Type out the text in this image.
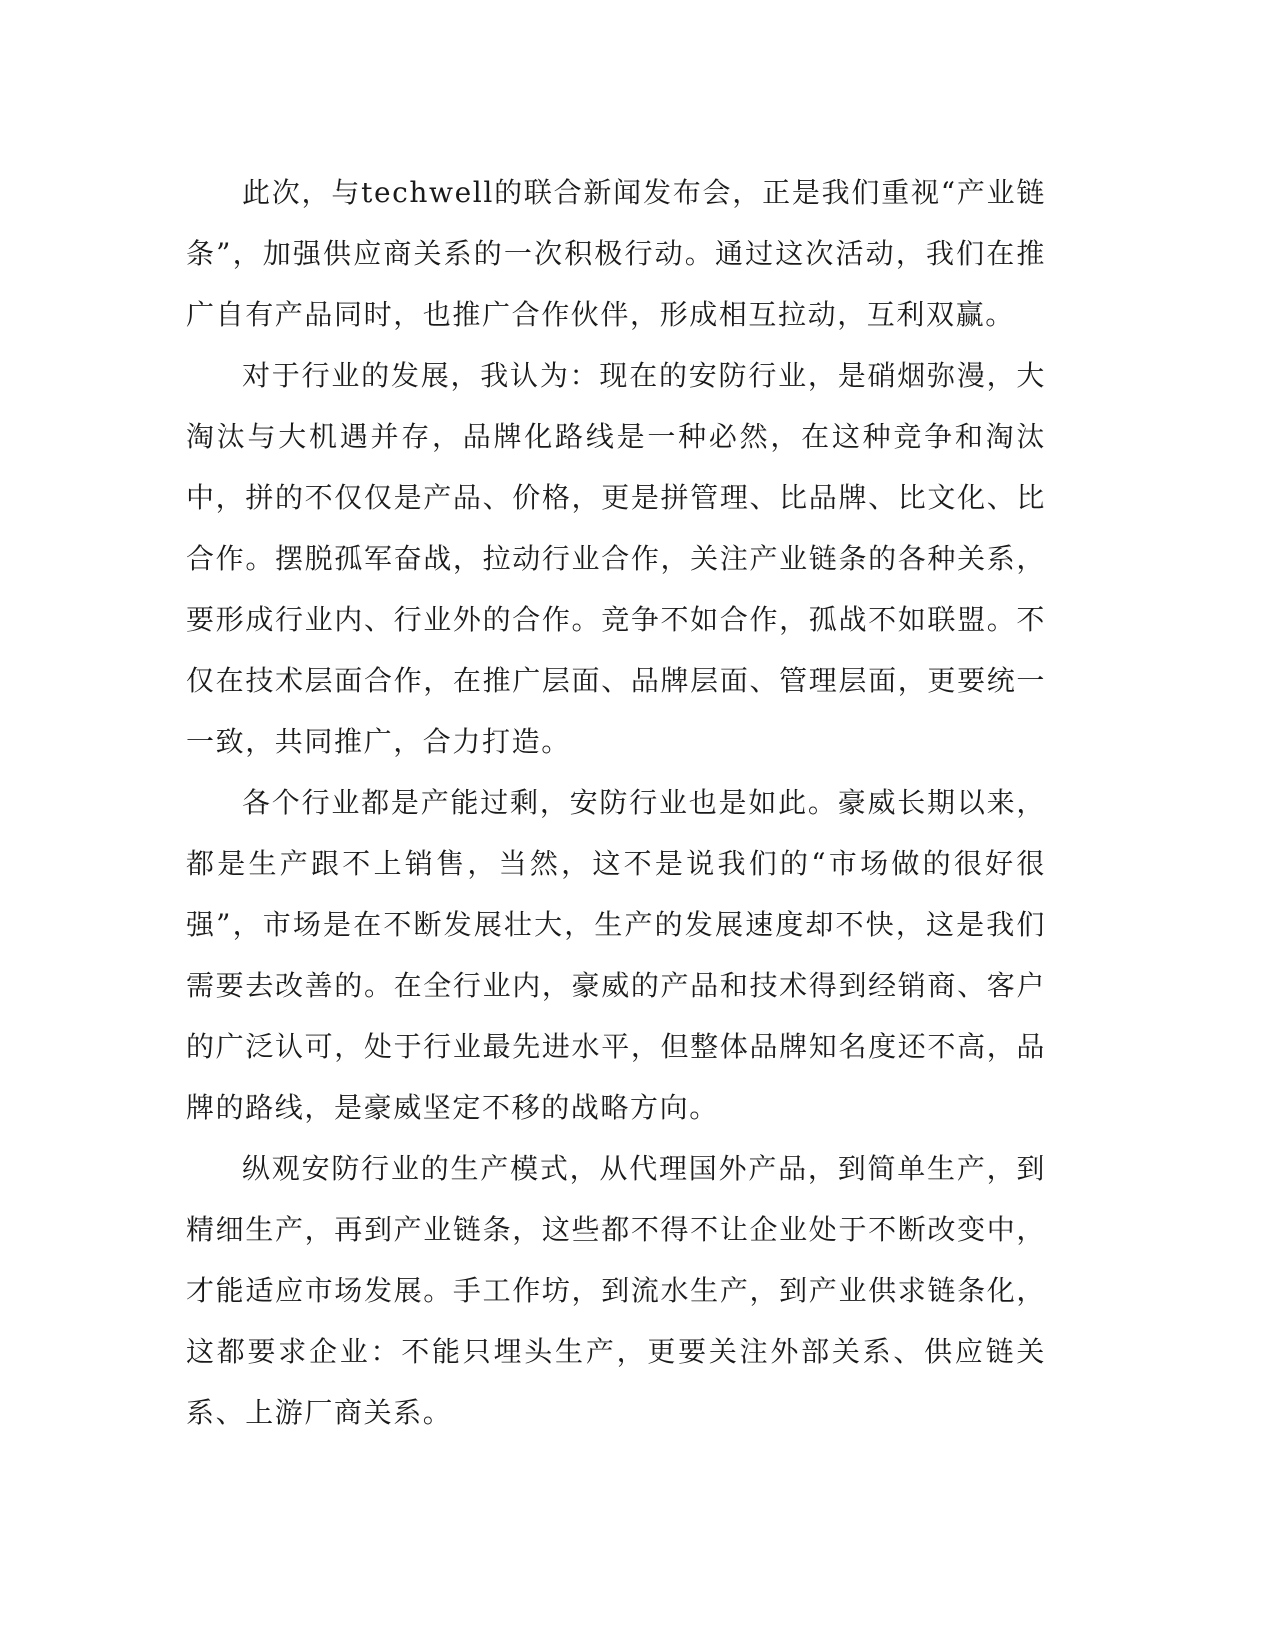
此次，与techwell的联合新闻发布会，正是我们重视“产业链条”，加强供应商关系的一次积极行动。通过这次活动，我们在推广自有产品同时，也推广合作伙伴，形成相互拉动，互利双赢。

对于行业的发展，我认为：现在的安防行业，是硝烟弥漫，大淘汰与大机遇并存，品牌化路线是一种必然，在这种竞争和淘汰中，拼的不仅仅是产品、价格，更是拼管理、比品牌、比文化、比合作。摆脱孤军奋战，拉动行业合作，关注产业链条的各种关系，要形成行业内、行业外的合作。竞争不如合作，孤战不如联盟。不仅在技术层面合作，在推广层面、品牌层面、管理层面，更要统一一致，共同推广，合力打造。

各个行业都是产能过剩，安防行业也是如此。豪威长期以来，都是生产跟不上销售，当然，这不是说我们的“市场做的很好很强”，市场是在不断发展壮大，生产的发展速度却不快，这是我们需要去改善的。在全行业内，豪威的产品和技术得到经销商、客户的广泛认可，处于行业最先进水平，但整体品牌知名度还不高，品牌的路线，是豪威坚定不移的战略方向。

纵观安防行业的生产模式，从代理国外产品，到简单生产，到精细生产，再到产业链条，这些都不得不让企业处于不断改变中，才能适应市场发展。手工作坊，到流水生产，到产业供求链条化，这都要求企业：不能只埋头生产，更要关注外部关系、供应链关系、上游厂商关系。
